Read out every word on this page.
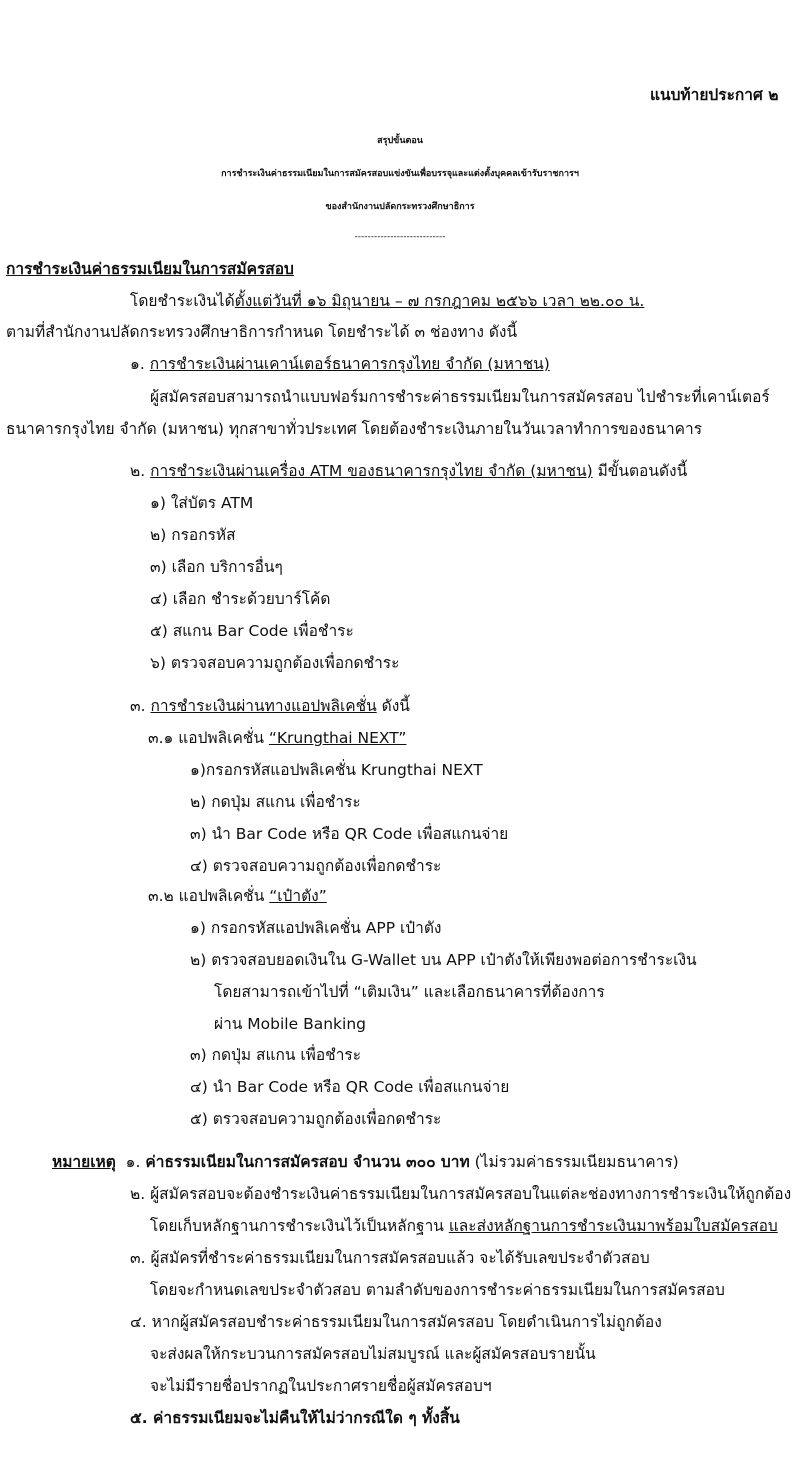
แนบท้ายประกาศ ๒
สรุปขั้นตอน
การชำระเงินค่าธรรมเนียมในการสมัครสอบแข่งขันเพื่อบรรจุและแต่งตั้งบุคคลเข้ารับราชการฯ
ของสำนักงานปลัดกระทรวงศึกษาธิการ
----------------------------
การชำระเงินค่าธรรมเนียมในการสมัครสอบ
โดยชำระเงินได้ตั้งแต่วันที่ ๑๖ มิถุนายน – ๗ กรกฎาคม ๒๕๖๖ เวลา ๒๒.๐๐ น.
ตามที่สำนักงานปลัดกระทรวงศึกษาธิการกำหนด โดยชำระได้ ๓ ช่องทาง ดังนี้
๑. การชำระเงินผ่านเคาน์เตอร์ธนาคารกรุงไทย จำกัด (มหาชน)
ผู้สมัครสอบสามารถนำแบบฟอร์มการชำระค่าธรรมเนียมในการสมัครสอบ ไปชำระที่เคาน์เตอร์
ธนาคารกรุงไทย จำกัด (มหาชน) ทุกสาขาทั่วประเทศ โดยต้องชำระเงินภายในวันเวลาทำการของธนาคาร
๒. การชำระเงินผ่านเครื่อง ATM ของธนาคารกรุงไทย จำกัด (มหาชน) มีขั้นตอนดังนี้
๑) ใส่บัตร ATM
๒) กรอกรหัส
๓) เลือก บริการอื่นๆ
๔) เลือก ชำระด้วยบาร์โค้ด
๕) สแกน Bar Code เพื่อชำระ
๖) ตรวจสอบความถูกต้องเพื่อกดชำระ
๓. การชำระเงินผ่านทางแอปพลิเคชั่น ดังนี้
๓.๑ แอปพลิเคชั่น “Krungthai NEXT”
๑)กรอกรหัสแอปพลิเคชั่น Krungthai NEXT
๒) กดปุ่ม สแกน เพื่อชำระ
๓) นำ Bar Code หรือ QR Code เพื่อสแกนจ่าย
๔) ตรวจสอบความถูกต้องเพื่อกดชำระ
๓.๒ แอปพลิเคชั่น “เป๋าตัง”
๑) กรอกรหัสแอปพลิเคชั่น APP เป๋าตัง
๒) ตรวจสอบยอดเงินใน G-Wallet บน APP เป๋าตังให้เพียงพอต่อการชำระเงิน
โดยสามารถเข้าไปที่ “เติมเงิน” และเลือกธนาคารที่ต้องการ
ผ่าน Mobile Banking
๓) กดปุ่ม สแกน เพื่อชำระ
๔) นำ Bar Code หรือ QR Code เพื่อสแกนจ่าย
๕) ตรวจสอบความถูกต้องเพื่อกดชำระ
หมายเหตุ ๑. ค่าธรรมเนียมในการสมัครสอบ จำนวน ๓๐๐ บาท (ไม่รวมค่าธรรมเนียมธนาคาร)
๒. ผู้สมัครสอบจะต้องชำระเงินค่าธรรมเนียมในการสมัครสอบในแต่ละช่องทางการชำระเงินให้ถูกต้อง
โดยเก็บหลักฐานการชำระเงินไว้เป็นหลักฐาน และส่งหลักฐานการชำระเงินมาพร้อมใบสมัครสอบ
๓. ผู้สมัครที่ชำระค่าธรรมเนียมในการสมัครสอบแล้ว จะได้รับเลขประจำตัวสอบ
โดยจะกำหนดเลขประจำตัวสอบ ตามลำดับของการชำระค่าธรรมเนียมในการสมัครสอบ
๔. หากผู้สมัครสอบชำระค่าธรรมเนียมในการสมัครสอบ โดยดำเนินการไม่ถูกต้อง
จะส่งผลให้กระบวนการสมัครสอบไม่สมบูรณ์ และผู้สมัครสอบรายนั้น
จะไม่มีรายชื่อปรากฏในประกาศรายชื่อผู้สมัครสอบฯ
๕. ค่าธรรมเนียมจะไม่คืนให้ไม่ว่ากรณีใด ๆ ทั้งสิ้น
